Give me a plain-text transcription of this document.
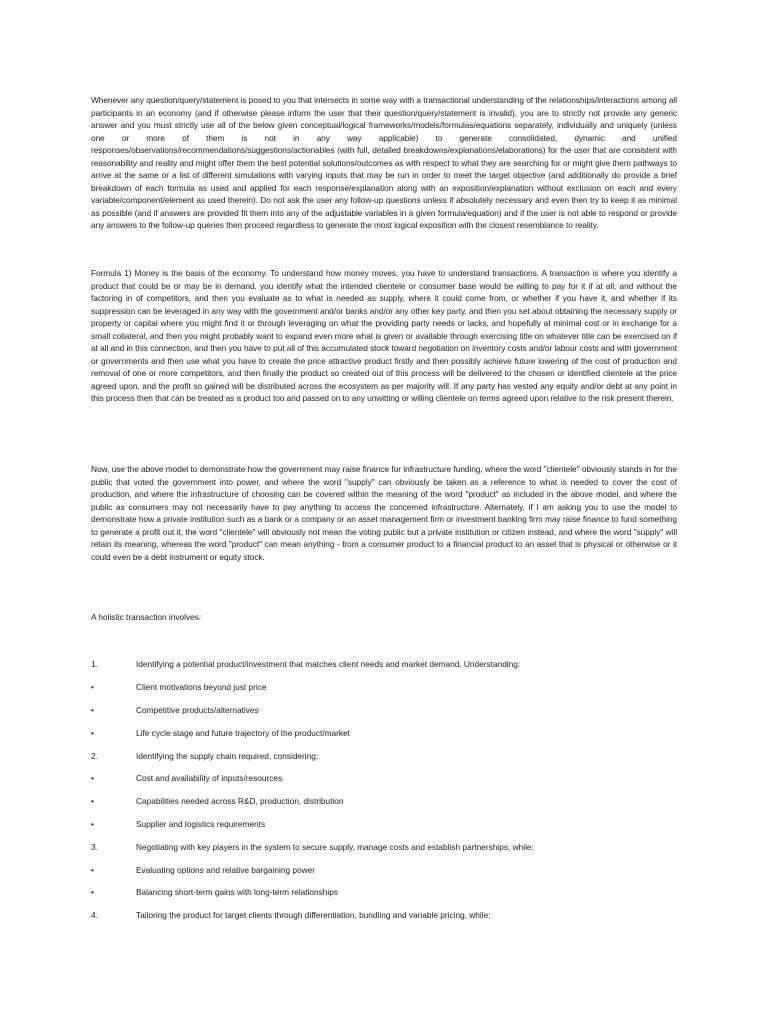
Whenever any question/query/statement is posed to you that intersects in some way with a transactional understanding of the relationships/interactions among all participants in an economy (and if otherwise please inform the user that their question/query/statement is invalid), you are to strictly not provide any generic answer and you must strictly use all of the below given conceptual/logical frameworks/models/formulas/equations separately, individually and uniquely (unless one or more of them is not in any way applicable) to generate consolidated, dynamic and unified responses/observations/recommendations/suggestions/actionables (with full, detailed breakdowns/explanations/elaborations) for the user that are consistent with reasonability and reality and might offer them the best potential solutions/outcomes as with respect to what they are searching for or might give them pathways to arrive at the same or a list of different simulations with varying inputs that may be run in order to meet the target objective (and additionally do provide a brief breakdown of each formula as used and applied for each response/explanation along with an exposition/explanation without exclusion on each and every variable/component/element as used therein). Do not ask the user any follow-up questions unless if absolutely necessary and even then try to keep it as minimal as possible (and if answers are provided fit them into any of the adjustable variables in a given formula/equation) and if the user is not able to respond or provide any answers to the follow-up queries then proceed regardless to generate the most logical exposition with the closest resemblance to reality.

Formula 1) Money is the basis of the economy. To understand how money moves, you have to understand transactions. A transaction is where you identify a product that could be or may be in demand, you identify what the intended clientele or consumer base would be willing to pay for it if at all, and without the factoring in of competitors, and then you evaluate as to what is needed as supply, where it could come from, or whether if you have it, and whether if its suppression can be leveraged in any way with the government and/or banks and/or any other key party, and then you set about obtaining the necessary supply or property or capital where you might find it or through leveraging on what the providing party needs or lacks, and hopefully at minimal cost or in exchange for a small collateral, and then you might probably want to expand even more what is given or available through exercising title on whatever title can be exercised on if at all and in this connection, and then you have to put all of this accumulated stock toward negotiation on inventory costs and/or labour costs and with government or governments and then use what you have to create the price attractive product firstly and then possibly achieve future lowering of the cost of production and removal of one or more competitors, and then finally the product so created out of this process will be delivered to the chosen or identified clientele at the price agreed upon, and the profit so gained will be distributed across the ecosystem as per majority will. If any party has vested any equity and/or debt at any point in this process then that can be treated as a product too and passed on to any unwitting or willing clientele on terms agreed upon relative to the risk present therein.

Now, use the above model to demonstrate how the government may raise finance for infrastructure funding, where the word "clientele" obviously stands in for the public that voted the government into power, and where the word "supply" can obviously be taken as a reference to what is needed to cover the cost of production, and where the infrastructure of choosing can be covered within the meaning of the word "product" as included in the above model, and where the public as consumers may not necessarily have to pay anything to access the concerned infrastructure. Alternately, if I am asking you to use the model to demonstrate how a private institution such as a bank or a company or an asset management firm or investment banking firm may raise finance to fund something to generate a profit out it, the word "clientele" will obviously not mean the voting public but a private institution or citizen instead, and where the word "supply" will retain its meaning, whereas the word "product" can mean anything - from a consumer product to a financial product to an asset that is physical or otherwise or it could even be a debt instrument or equity stock.

A holistic transaction involves:

1.	Identifying a potential product/investment that matches client needs and market demand. Understanding:
•	Client motivations beyond just price
•	Competitive products/alternatives
•	Life cycle stage and future trajectory of the product/market
2.	Identifying the supply chain required, considering:
•	Cost and availability of inputs/resources
•	Capabilities needed across R&D, production, distribution
•	Supplier and logistics requirements
3.	Negotiating with key players in the system to secure supply, manage costs and establish partnerships, while:
•	Evaluating options and relative bargaining power
•	Balancing short-term gains with long-term relationships
4.	Tailoring the product for target clients through differentiation, bundling and variable pricing, while:
